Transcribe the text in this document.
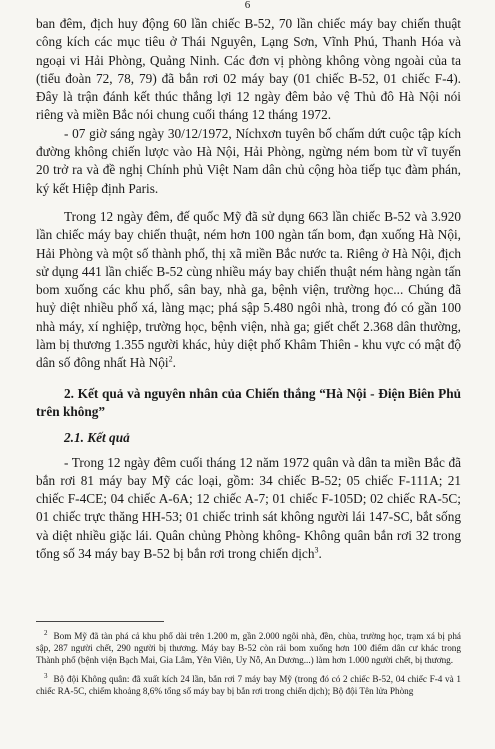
6

ban đêm, địch huy động 60 lần chiếc B-52, 70 lần chiếc máy bay chiến thuật công kích các mục tiêu ở Thái Nguyên, Lạng Sơn, Vĩnh Phú, Thanh Hóa và ngoại vi Hải Phòng, Quảng Ninh. Các đơn vị phòng không vòng ngoài của ta (tiểu đoàn 72, 78, 79) đã bắn rơi 02 máy bay (01 chiếc B-52, 01 chiếc F-4). Đây là trận đánh kết thúc thắng lợi 12 ngày đêm bảo vệ Thủ đô Hà Nội nói riêng và miền Bắc nói chung cuối tháng 12 tháng 1972.

- 07 giờ sáng ngày 30/12/1972, Níchxơn tuyên bố chấm dứt cuộc tập kích đường không chiến lược vào Hà Nội, Hải Phòng, ngừng ném bom từ vĩ tuyến 20 trở ra và đề nghị Chính phủ Việt Nam dân chủ cộng hòa tiếp tục đàm phán, ký kết Hiệp định Paris.

Trong 12 ngày đêm, đế quốc Mỹ đã sử dụng 663 lần chiếc B-52 và 3.920 lần chiếc máy bay chiến thuật, ném hơn 100 ngàn tấn bom, đạn xuống Hà Nội, Hải Phòng và một số thành phố, thị xã miền Bắc nước ta. Riêng ở Hà Nội, địch sử dụng 441 lần chiếc B-52 cùng nhiều máy bay chiến thuật ném hàng ngàn tấn bom xuống các khu phố, sân bay, nhà ga, bệnh viện, trường học... Chúng đã huỷ diệt nhiều phố xá, làng mạc; phá sập 5.480 ngôi nhà, trong đó có gần 100 nhà máy, xí nghiệp, trường học, bệnh viện, nhà ga; giết chết 2.368 dân thường, làm bị thương 1.355 người khác, hủy diệt phố Khâm Thiên - khu vực có mật độ dân số đông nhất Hà Nội$^2$.

2. Kết quả và nguyên nhân của Chiến thắng “Hà Nội - Điện Biên Phủ trên không”

2.1. Kết quả

- Trong 12 ngày đêm cuối tháng 12 năm 1972 quân và dân ta miền Bắc đã bắn rơi 81 máy bay Mỹ các loại, gồm: 34 chiếc B-52; 05 chiếc F-111A; 21 chiếc F-4CE; 04 chiếc A-6A; 12 chiếc A-7; 01 chiếc F-105D; 02 chiếc RA-5C; 01 chiếc trực thăng HH-53; 01 chiếc trinh sát không người lái 147-SC, bắt sống và diệt nhiều giặc lái. Quân chủng Phòng không- Không quân bắn rơi 32 trong tổng số 34 máy bay B-52 bị bắn rơi trong chiến dịch$^3$.

$^2$ Bom Mỹ đã tàn phá cả khu phố dài trên 1.200 m, gần 2.000 ngôi nhà, đền, chùa, trường học, trạm xá bị phá sập, 287 người chết, 290 người bị thương. Máy bay B-52 còn rải bom xuống hơn 100 điểm dân cư khác trong Thành phố (bệnh viện Bạch Mai, Gia Lâm, Yên Viên, Uy Nỗ, An Dương...) làm hơn 1.000 người chết, bị thương.

$^3$ Bộ đội Không quân: đã xuất kích 24 lần, bắn rơi 7 máy bay Mỹ (trong đó có 2 chiếc B-52, 04 chiếc F-4 và 1 chiếc RA-5C, chiếm khoảng 8,6% tổng số máy bay bị bắn rơi trong chiến dịch); Bộ đội Tên lửa Phòng
